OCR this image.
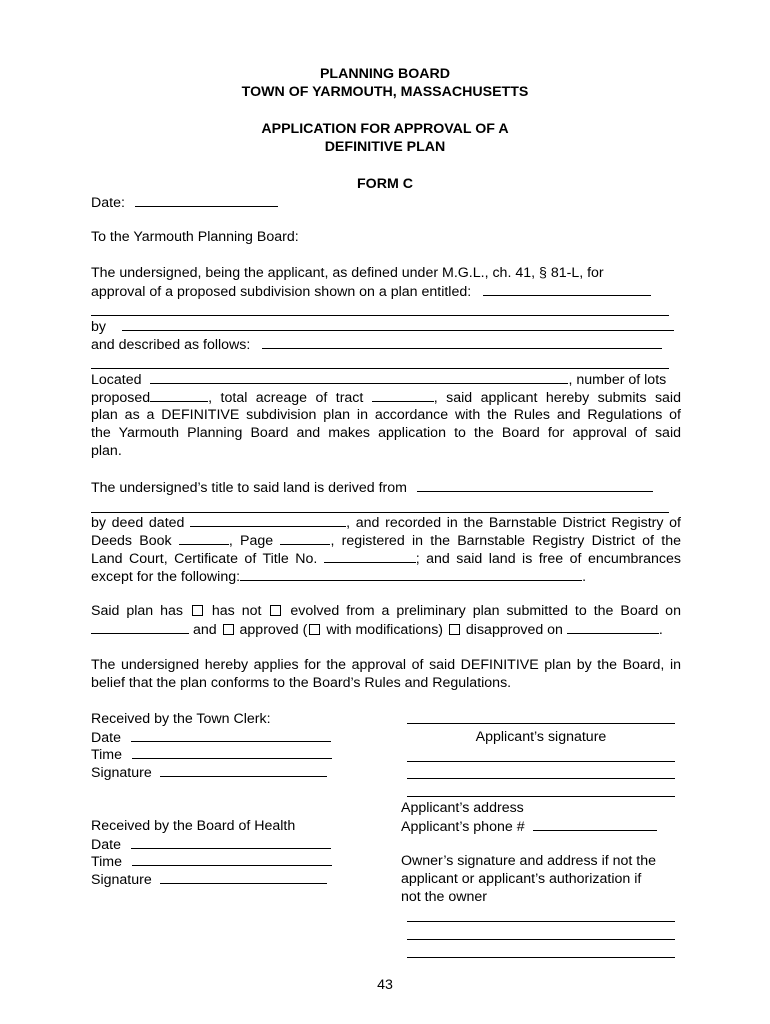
PLANNING BOARD
TOWN OF YARMOUTH, MASSACHUSETTS
APPLICATION FOR APPROVAL OF A
DEFINITIVE PLAN
FORM C
Date:
To the Yarmouth Planning Board:
The undersigned, being the applicant, as defined under M.G.L., ch. 41, § 81-L, for
approval of a proposed subdivision shown on a plan entitled:
by
and described as follows:
Located	, number of lots
proposed	, total acreage of tract	, said applicant hereby submits said
plan as a DEFINITIVE subdivision plan in accordance with the Rules and Regulations of
the Yarmouth Planning Board and makes application to the Board for approval of said
plan.
The undersigned’s title to said land is derived from
by deed dated	, and recorded in the Barnstable District Registry of
Deeds Book	, Page	, registered in the Barnstable Registry District of the
Land Court, Certificate of Title No.	; and said land is free of encumbrances
except for the following:	.
Said plan has has not evolved from a preliminary plan submitted to the Board on
and approved ( with modifications) disapproved on	.
The undersigned hereby applies for the approval of said DEFINITIVE plan by the Board, in
belief that the plan conforms to the Board’s Rules and Regulations.
Received by the Town Clerk:
Date
Time
Signature
Received by the Board of Health
Date
Time
Signature
Applicant’s signature
Applicant’s address
Applicant’s phone #
Owner’s signature and address if not the
applicant or applicant’s authorization if
not the owner
43
